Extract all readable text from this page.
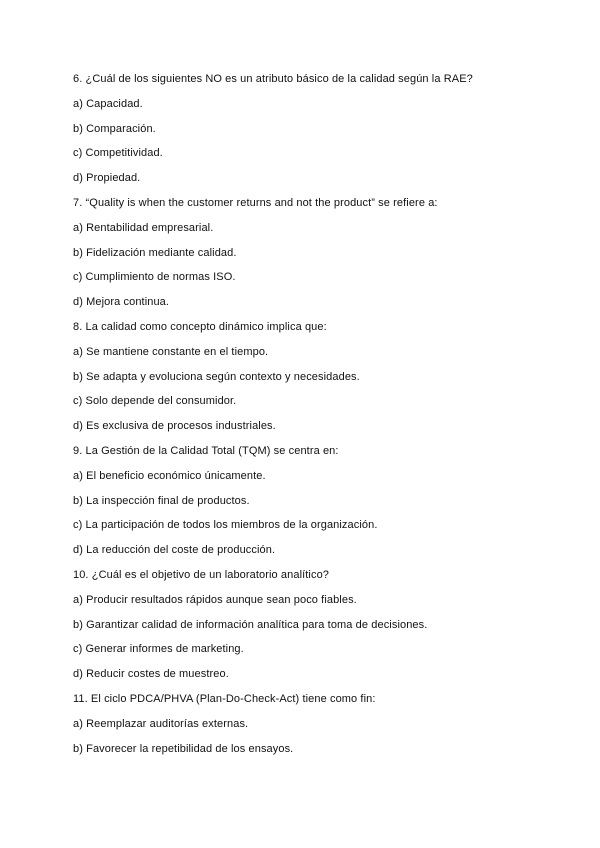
6. ¿Cuál de los siguientes NO es un atributo básico de la calidad según la RAE?
a) Capacidad.
b) Comparación.
c) Competitividad.
d) Propiedad.
7. “Quality is when the customer returns and not the product” se refiere a:
a) Rentabilidad empresarial.
b) Fidelización mediante calidad.
c) Cumplimiento de normas ISO.
d) Mejora continua.
8. La calidad como concepto dinámico implica que:
a) Se mantiene constante en el tiempo.
b) Se adapta y evoluciona según contexto y necesidades.
c) Solo depende del consumidor.
d) Es exclusiva de procesos industriales.
9. La Gestión de la Calidad Total (TQM) se centra en:
a) El beneficio económico únicamente.
b) La inspección final de productos.
c) La participación de todos los miembros de la organización.
d) La reducción del coste de producción.
10. ¿Cuál es el objetivo de un laboratorio analítico?
a) Producir resultados rápidos aunque sean poco fiables.
b) Garantizar calidad de información analítica para toma de decisiones.
c) Generar informes de marketing.
d) Reducir costes de muestreo.
11. El ciclo PDCA/PHVA (Plan-Do-Check-Act) tiene como fin:
a) Reemplazar auditorías externas.
b) Favorecer la repetibilidad de los ensayos.
